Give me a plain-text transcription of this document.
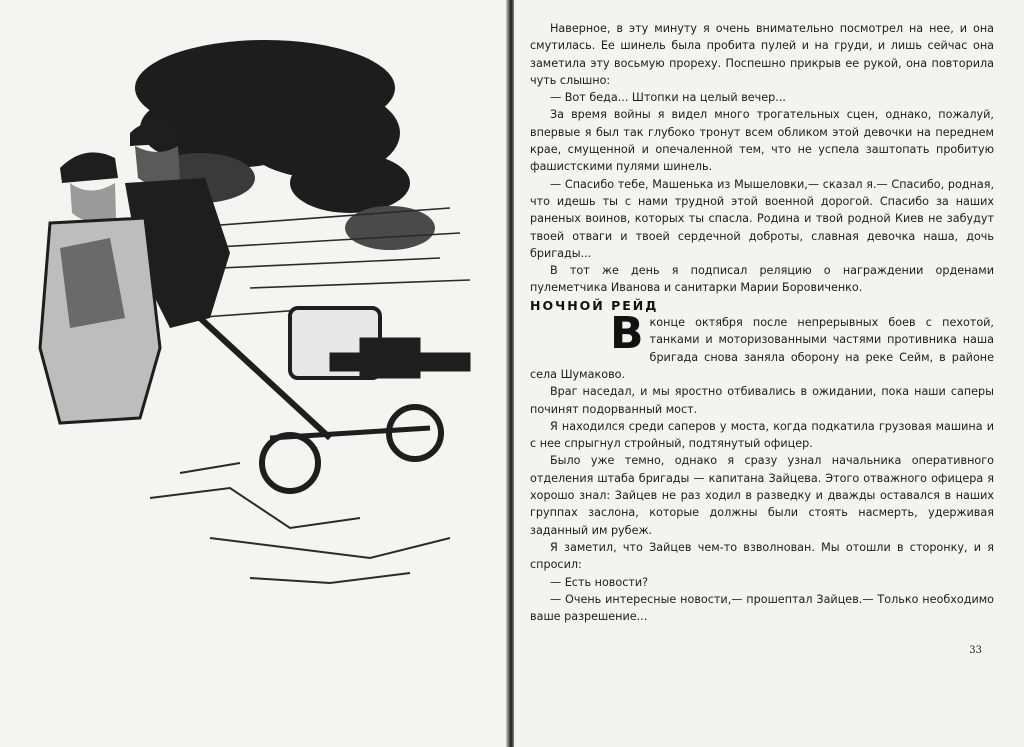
Наверное, в эту минуту я очень внимательно посмотрел на нее, и она смутилась. Ее шинель была пробита пулей и на груди, и лишь сейчас она заметила эту восьмую прореху. Поспешно прикрыв ее рукой, она повторила чуть слышно:

— Вот беда... Штопки на целый вечер...

За время войны я видел много трогательных сцен, однако, пожалуй, впервые я был так глубоко тронут всем обликом этой девочки на переднем крае, смущенной и опечаленной тем, что не успела заштопать пробитую фашистскими пулями шинель.

— Спасибо тебе, Машенька из Мышеловки,— сказал я.— Спасибо, родная, что идешь ты с нами трудной этой военной дорогой. Спасибо за наших раненых воинов, которых ты спасла. Родина и твой родной Киев не забудут твоей отваги и твоей сердечной доброты, славная девочка наша, дочь бригады...

В тот же день я подписал реляцию о награждении орденами пулеметчика Иванова и санитарки Марии Боровиченко.

НОЧНОЙ РЕЙД

Вконце октября после непрерывных боев с пехотой, танками и моторизованными частями противника наша бригада снова заняла оборону на реке Сейм, в районе села Шумаково.

Враг наседал, и мы яростно отбивались в ожидании, пока наши саперы починят подорванный мост.

Я находился среди саперов у моста, когда подкатила грузовая машина и с нее спрыгнул стройный, подтянутый офицер.

Было уже темно, однако я сразу узнал начальника оперативного отделения штаба бригады — капитана Зайцева. Этого отважного офицера я хорошо знал: Зайцев не раз ходил в разведку и дважды оставался в наших группах заслона, которые должны были стоять насмерть, удерживая заданный им рубеж.

Я заметил, что Зайцев чем-то взволнован. Мы отошли в сторонку, и я спросил:

— Есть новости?

— Очень интересные новости,— прошептал Зайцев.— Только необходимо ваше разрешение...

33
